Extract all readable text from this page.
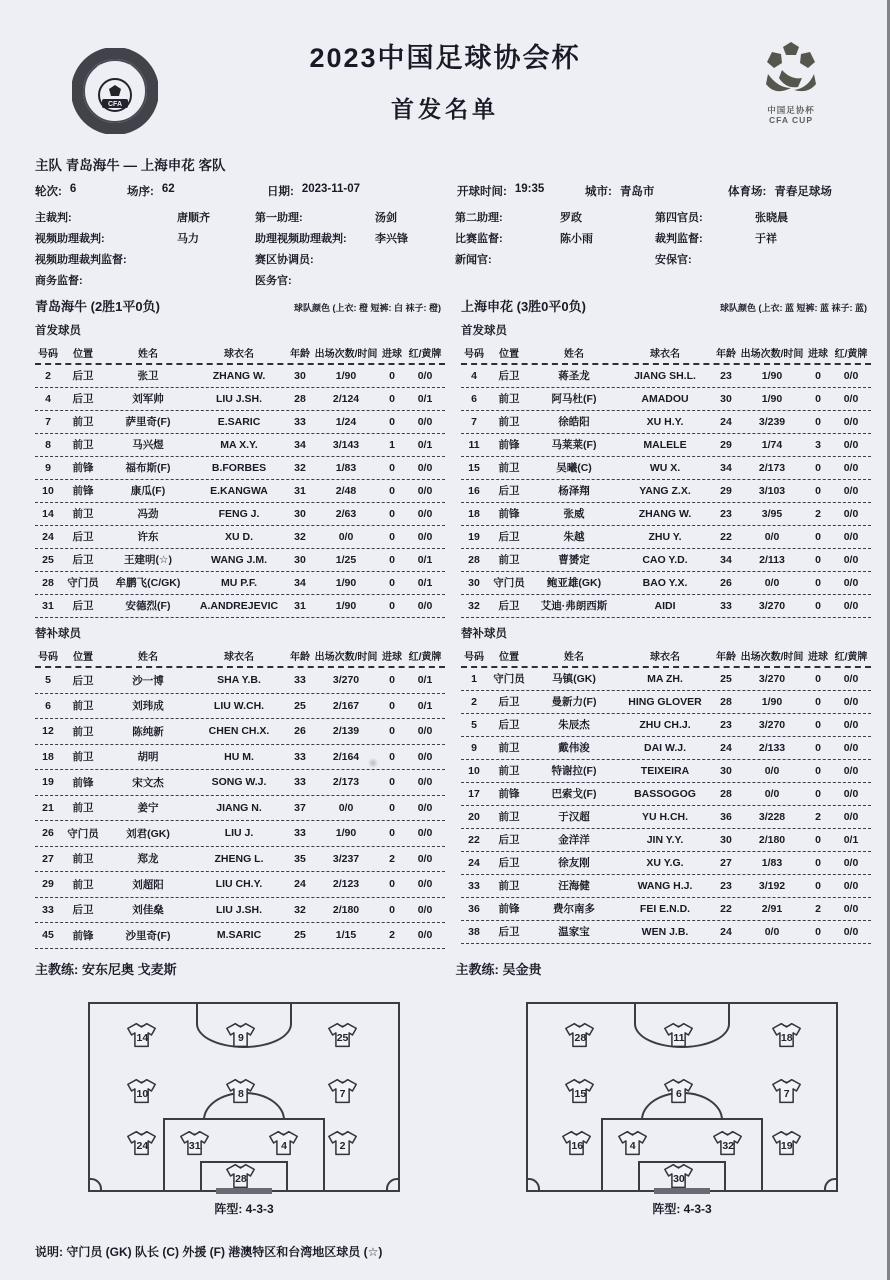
CFA
中国足球协会	2023中国足球协会杯
首发名单	中国足协杯
CFA CUP
主队 青岛海牛 — 上海申花 客队
轮次: 6	场序: 62	日期: 2023-11-07	开球时间: 19:35	城市: 青岛市	体育场: 青春足球场
主裁判:	唐顺齐	第一助理:	汤剑	第二助理:	罗政	第四官员:	张晓晨
视频助理裁判:	马力	助理视频助理裁判:	李兴锋	比赛监督:	陈小雨	裁判监督:	于祥
视频助理裁判监督:	赛区协调员:	新闻官:	安保官:
商务监督:	医务官:
青岛海牛 (2胜1平0负)	球队颜色 (上衣: 橙 短裤: 白 袜子: 橙)
首发球员
号码	位置	姓名	球衣名	年龄 出场次数/时间 进球 红/黄牌
2	后卫	张卫	ZHANG W.	30	1/90	0	0/0
4	后卫	刘军帅	LIU J.SH.	28	2/124	0	0/1
7	前卫	萨里奇(F)	E.SARIC	33	1/24	0	0/0
8	前卫	马兴煜	MA X.Y.	34	3/143	1	0/1
9	前锋	福布斯(F)	B.FORBES	32	1/83	0	0/0
10	前锋	康瓜(F)	E.KANGWA	31	2/48	0	0/0
14	前卫	冯劲	FENG J.	30	2/63	0	0/0
24	后卫	许东	XU D.	32	0/0	0	0/0
25	后卫	王建明(☆)	WANG J.M.	30	1/25	0	0/1
28	守门员	牟鹏飞(C/GK)	MU P.F.	34	1/90	0	0/1
31	后卫	安德烈(F)	A.ANDREJEVIC	31	1/90	0	0/0
替补球员
号码	位置	姓名	球衣名	年龄 出场次数/时间 进球 红/黄牌
5	后卫	沙一博	SHA Y.B.	33	3/270	0	0/1
6	前卫	刘玮成	LIU W.CH.	25	2/167	0	0/1
12	前卫	陈纯新	CHEN CH.X.	26	2/139	0	0/0
18	前卫	胡明	HU M.	33	2/164	0	0/0
19	前锋	宋文杰	SONG W.J.	33	2/173	0	0/0
21	前卫	姜宁	JIANG N.	37	0/0	0	0/0
26	守门员	刘君(GK)	LIU J.	33	1/90	0	0/0
27	前卫	郑龙	ZHENG L.	35	3/237	2	0/0
29	前卫	刘超阳	LIU CH.Y.	24	2/123	0	0/0
33	后卫	刘佳燊	LIU J.SH.	32	2/180	0	0/0
45	前锋	沙里奇(F)	M.SARIC	25	1/15	2	0/0
上海申花 (3胜0平0负)	球队颜色 (上衣: 蓝 短裤: 蓝 袜子: 蓝)
首发球员
号码	位置	姓名	球衣名	年龄 出场次数/时间 进球 红/黄牌
4	后卫	蒋圣龙	JIANG SH.L.	23	1/90	0	0/0
6	前卫	阿马杜(F)	AMADOU	30	1/90	0	0/0
7	前卫	徐皓阳	XU H.Y.	24	3/239	0	0/0
11	前锋	马莱莱(F)	MALELE	29	1/74	3	0/0
15	前卫	吴曦(C)	WU X.	34	2/173	0	0/0
16	后卫	杨泽翔	YANG Z.X.	29	3/103	0	0/0
18	前锋	张威	ZHANG W.	23	3/95	2	0/0
19	后卫	朱越	ZHU Y.	22	0/0	0	0/0
28	前卫	曹赟定	CAO Y.D.	34	2/113	0	0/0
30	守门员	鲍亚雄(GK)	BAO Y.X.	26	0/0	0	0/0
32	后卫	艾迪·弗朗西斯	AIDI	33	3/270	0	0/0
替补球员
号码	位置	姓名	球衣名	年龄 出场次数/时间 进球 红/黄牌
1	守门员	马镇(GK)	MA ZH.	25	3/270	0	0/0
2	后卫	曼新力(F)	HING GLOVER	28	1/90	0	0/0
5	后卫	朱辰杰	ZHU CH.J.	23	3/270	0	0/0
9	前卫	戴伟浚	DAI W.J.	24	2/133	0	0/0
10	前卫	特谢拉(F)	TEIXEIRA	30	0/0	0	0/0
17	前锋	巴索戈(F)	BASSOGOG	28	0/0	0	0/0
20	前卫	于汉超	YU H.CH.	36	3/228	2	0/0
22	后卫	金洋洋	JIN Y.Y.	30	2/180	0	0/1
24	后卫	徐友刚	XU Y.G.	27	1/83	0	0/0
33	前卫	汪海健	WANG H.J.	23	3/192	0	0/0
36	前锋	费尔南多	FEI E.N.D.	22	2/91	2	0/0
38	后卫	温家宝	WEN J.B.	24	0/0	0	0/0
主教练: 安东尼奥 戈麦斯	主教练: 吴金贵
14	9	25
10	8	7
24	31	4	2
28
阵型: 4-3-3
28	11	18
15	6	7
16	4	32	19
30
阵型: 4-3-3
说明: 守门员 (GK) 队长 (C) 外援 (F) 港澳特区和台湾地区球员 (☆)
